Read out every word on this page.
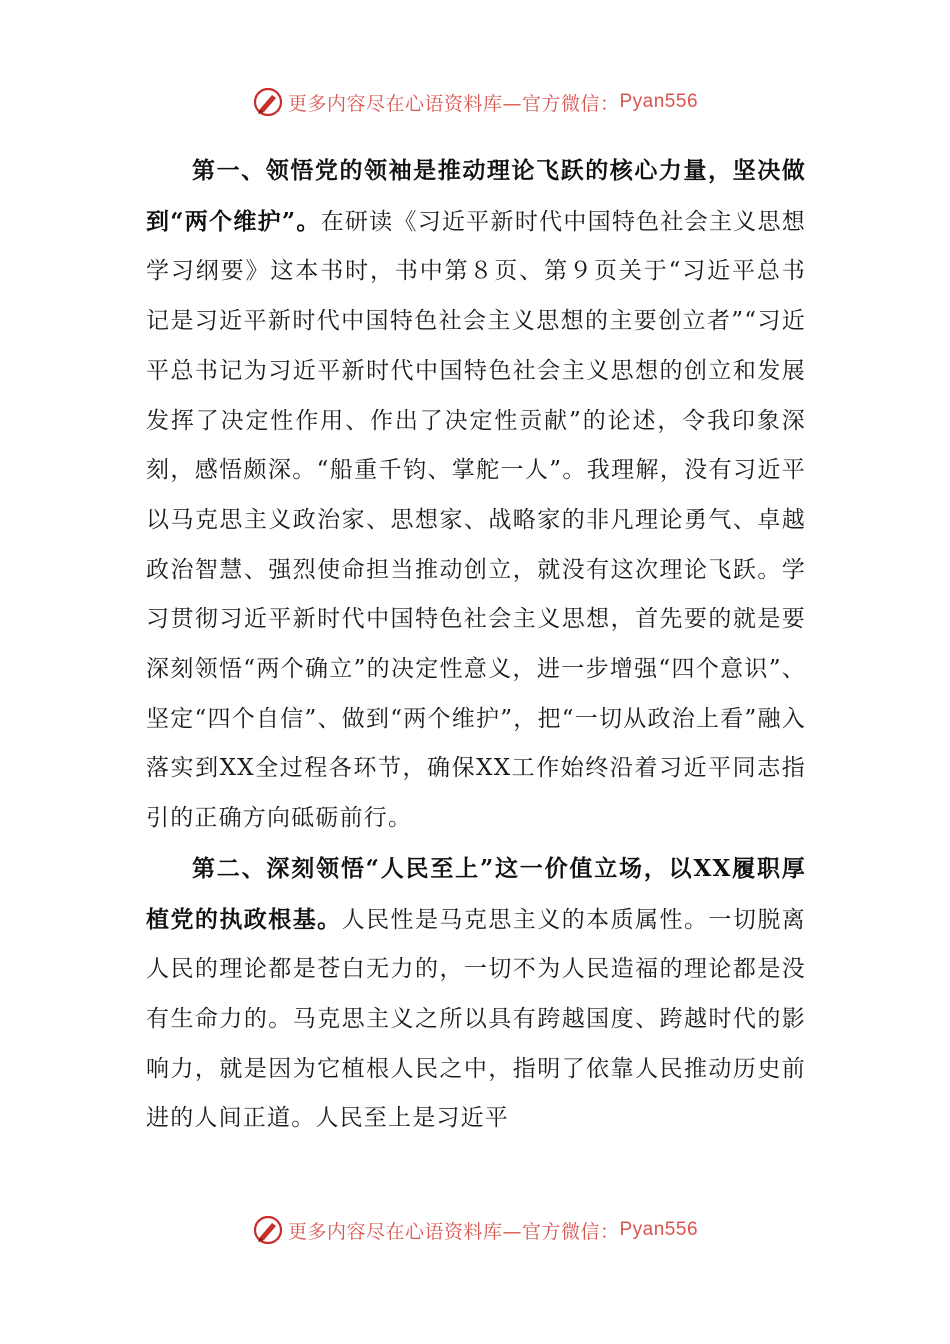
更多内容尽在心语资料库—官方微信： Pyan556

第一、领悟党的领袖是推动理论飞跃的核心力量，坚决做到“两个维护”。在研读《习近平新时代中国特色社会主义思想学习纲要》这本书时，书中第８页、第９页关于“习近平总书记是习近平新时代中国特色社会主义思想的主要创立者”“习近平总书记为习近平新时代中国特色社会主义思想的创立和发展发挥了决定性作用、作出了决定性贡献”的论述，令我印象深刻，感悟颇深。“船重千钧、掌舵一人”。我理解，没有习近平以马克思主义政治家、思想家、战略家的非凡理论勇气、卓越政治智慧、强烈使命担当推动创立，就没有这次理论飞跃。学习贯彻习近平新时代中国特色社会主义思想，首先要的就是要深刻领悟“两个确立”的决定性意义，进一步增强“四个意识”、坚定“四个自信”、做到“两个维护”，把“一切从政治上看”融入落实到XX全过程各环节，确保XX工作始终沿着习近平同志指引的正确方向砥砺前行。

第二、深刻领悟“人民至上”这一价值立场，以XX履职厚植党的执政根基。人民性是马克思主义的本质属性。一切脱离人民的理论都是苍白无力的，一切不为人民造福的理论都是没有生命力的。马克思主义之所以具有跨越国度、跨越时代的影响力，就是因为它植根人民之中，指明了依靠人民推动历史前进的人间正道。人民至上是习近平

更多内容尽在心语资料库—官方微信： Pyan556
